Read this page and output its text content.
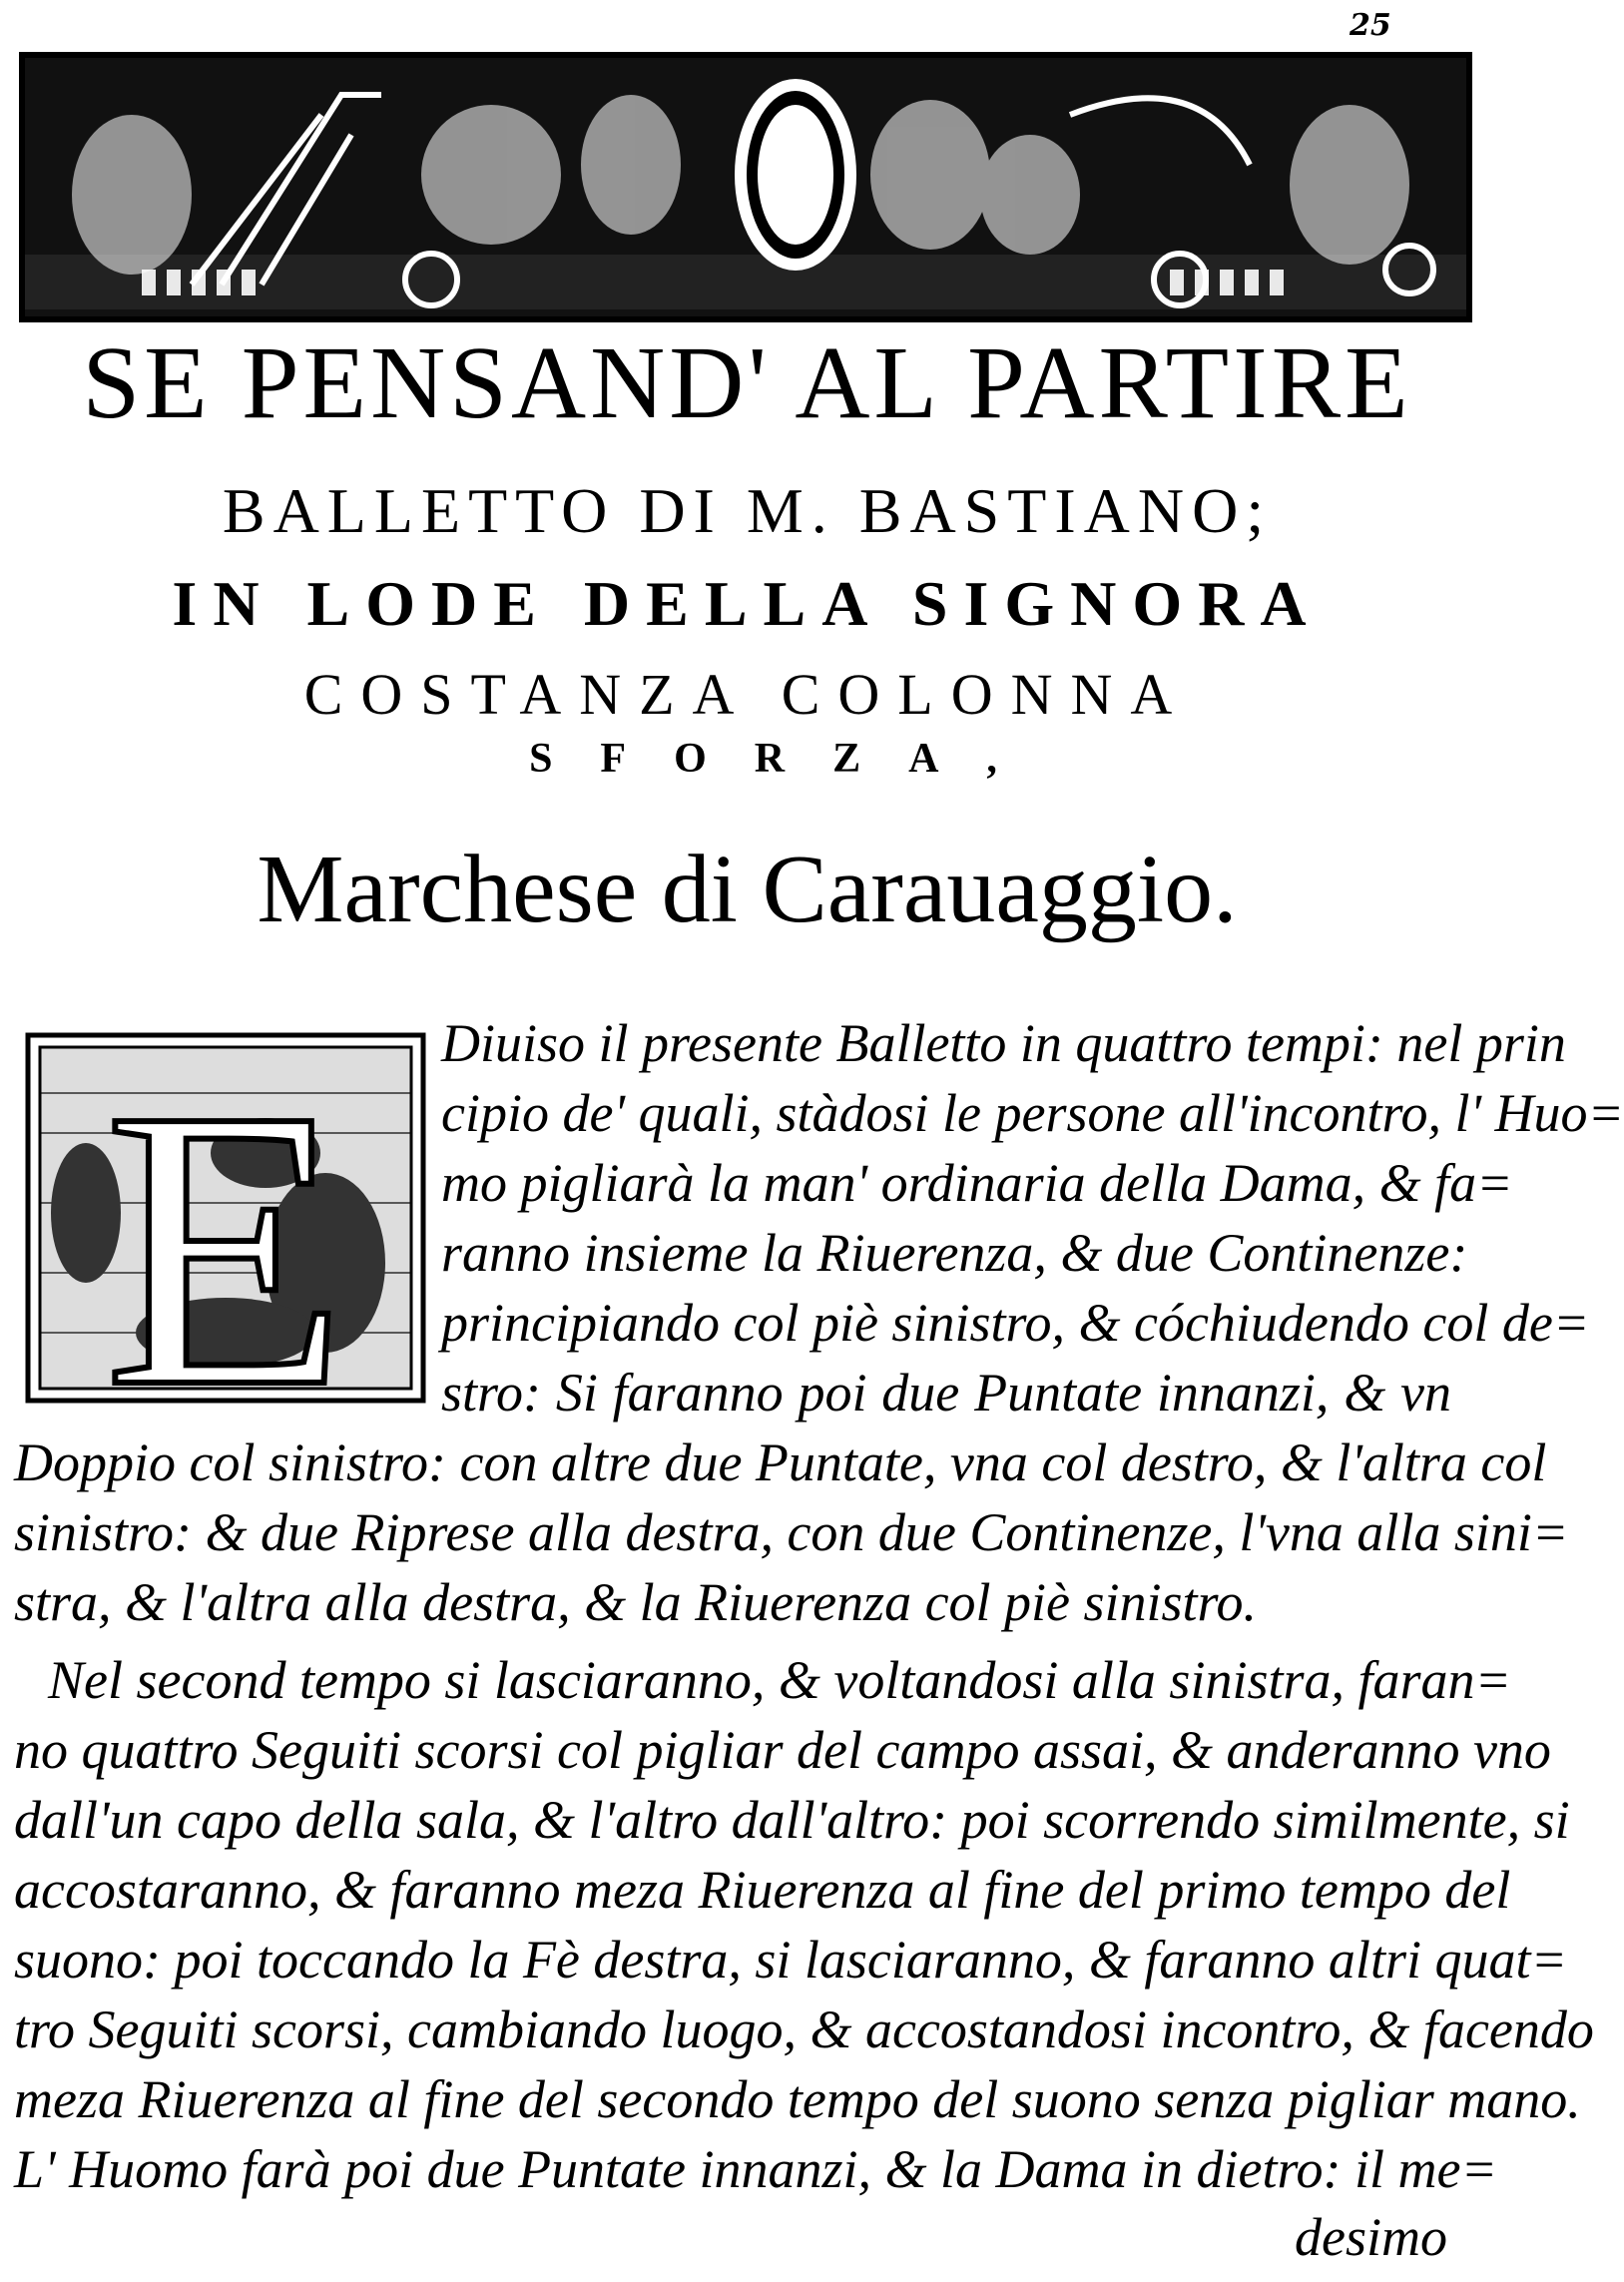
25
SE PENSAND' AL PARTIRE
BALLETTO DI M. BASTIANO;
IN LODE DELLA SIGNORA
COSTANZA COLONNA
SFORZA,
Marchese di Carauaggio.
E Diuiso il presente Balletto in quattro tempi: nel prin
cipio de' quali, stàdosi le persone all'incontro, l' Huo=
mo pigliarà la man' ordinaria della Dama, & fa=
ranno insieme la Riuerenza, & due Continenze:
principiando col piè sinistro, & cóchiudendo col de=
stro: Si faranno poi due Puntate innanzi, & vn
Doppio col sinistro: con altre due Puntate, vna col destro, & l'altra col
sinistro: & due Riprese alla destra, con due Continenze, l'vna alla sini=
stra, & l'altra alla destra, & la Riuerenza col piè sinistro.
Nel second tempo si lasciaranno, & voltandosi alla sinistra, faran=
no quattro Seguiti scorsi col pigliar del campo assai, & anderanno vno
dall'un capo della sala, & l'altro dall'altro: poi scorrendo similmente, si
accostaranno, & faranno meza Riuerenza al fine del primo tempo del
suono: poi toccando la Fè destra, si lasciaranno, & faranno altri quat=
tro Seguiti scorsi, cambiando luogo, & accostandosi incontro, & facendo
meza Riuerenza al fine del secondo tempo del suono senza pigliar mano.
L' Huomo farà poi due Puntate innanzi, & la Dama in dietro: il me=
desimo
